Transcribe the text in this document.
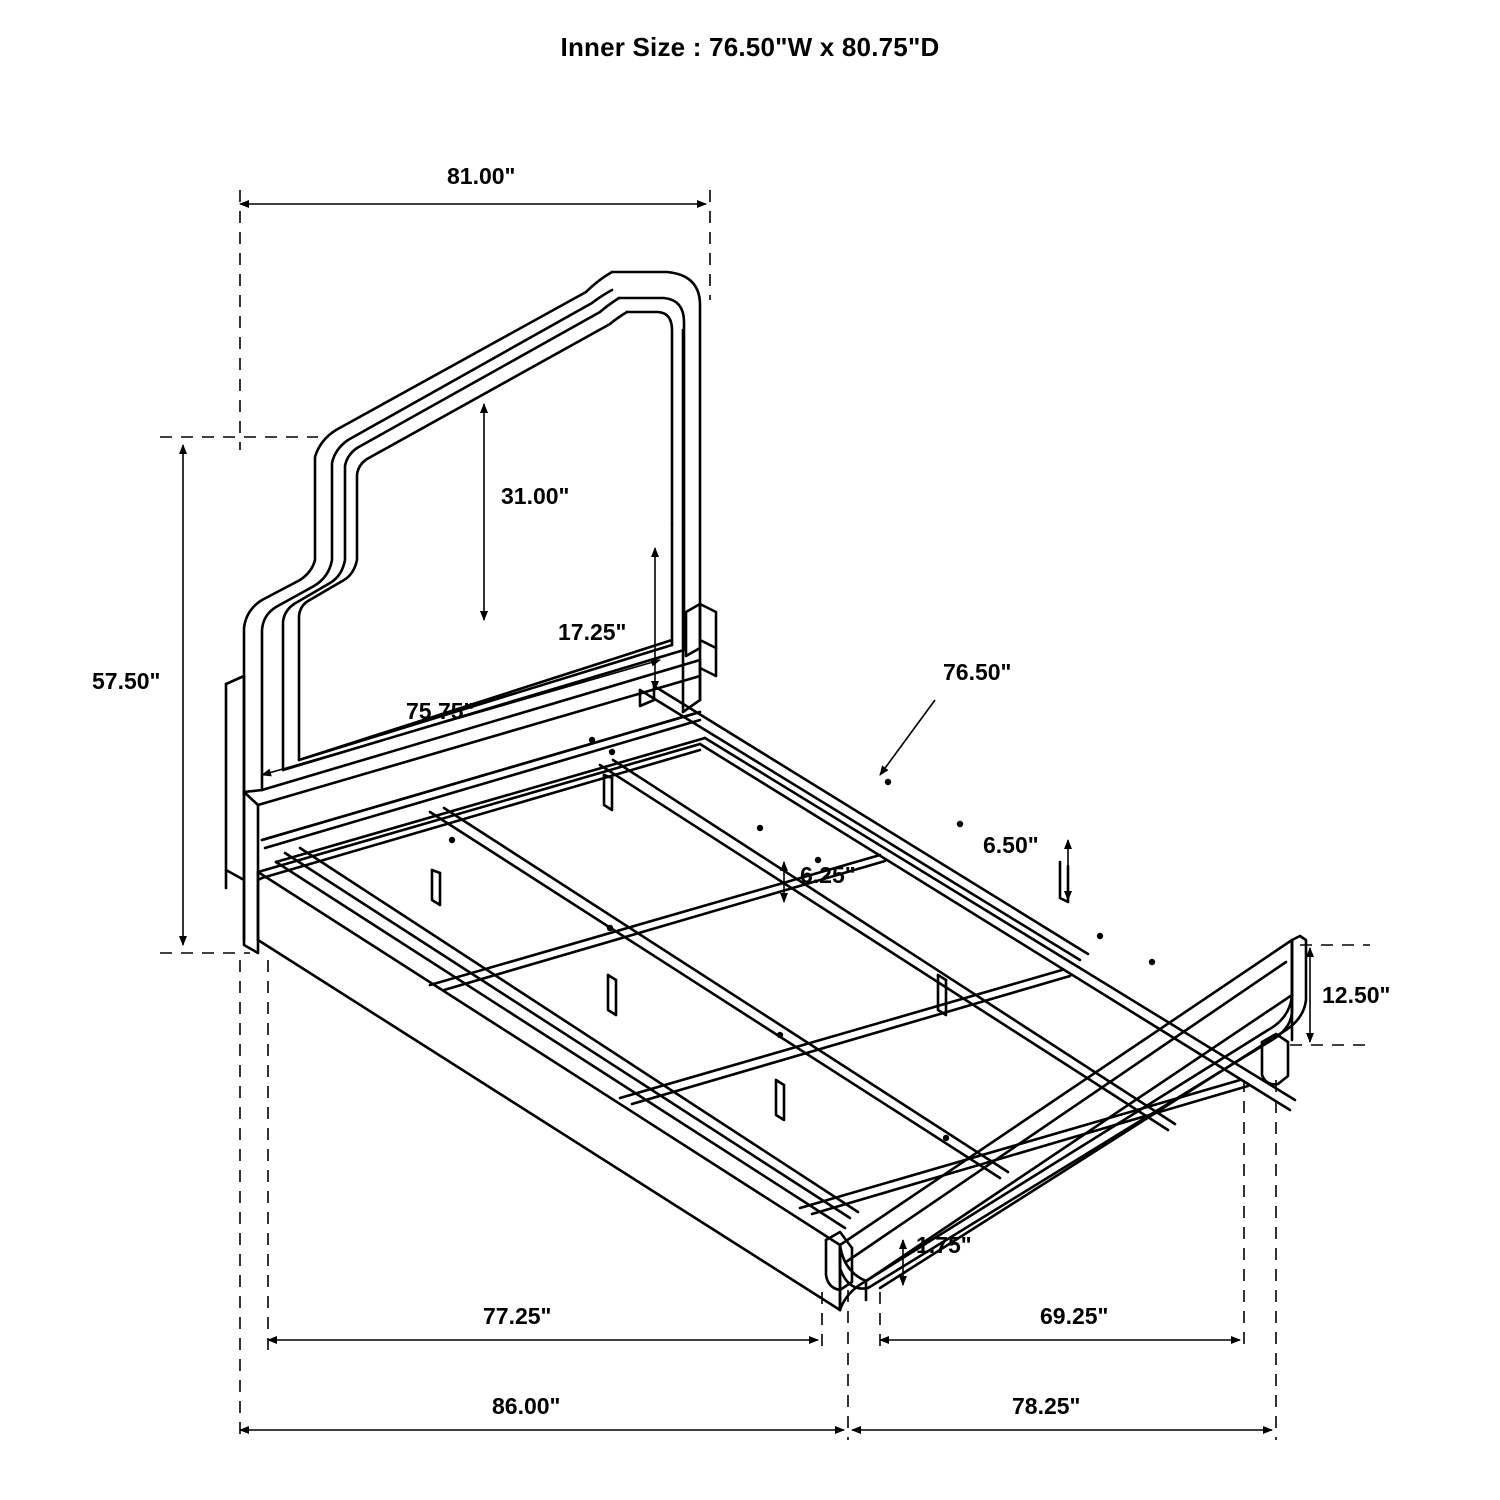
Inner Size : 76.50"W x 80.75"D
81.00"
31.00"
57.50"
17.25"
75.75"
76.50"
6.50"
6.25"
12.50"
1.75"
77.25"	69.25"
86.00"	78.25"
